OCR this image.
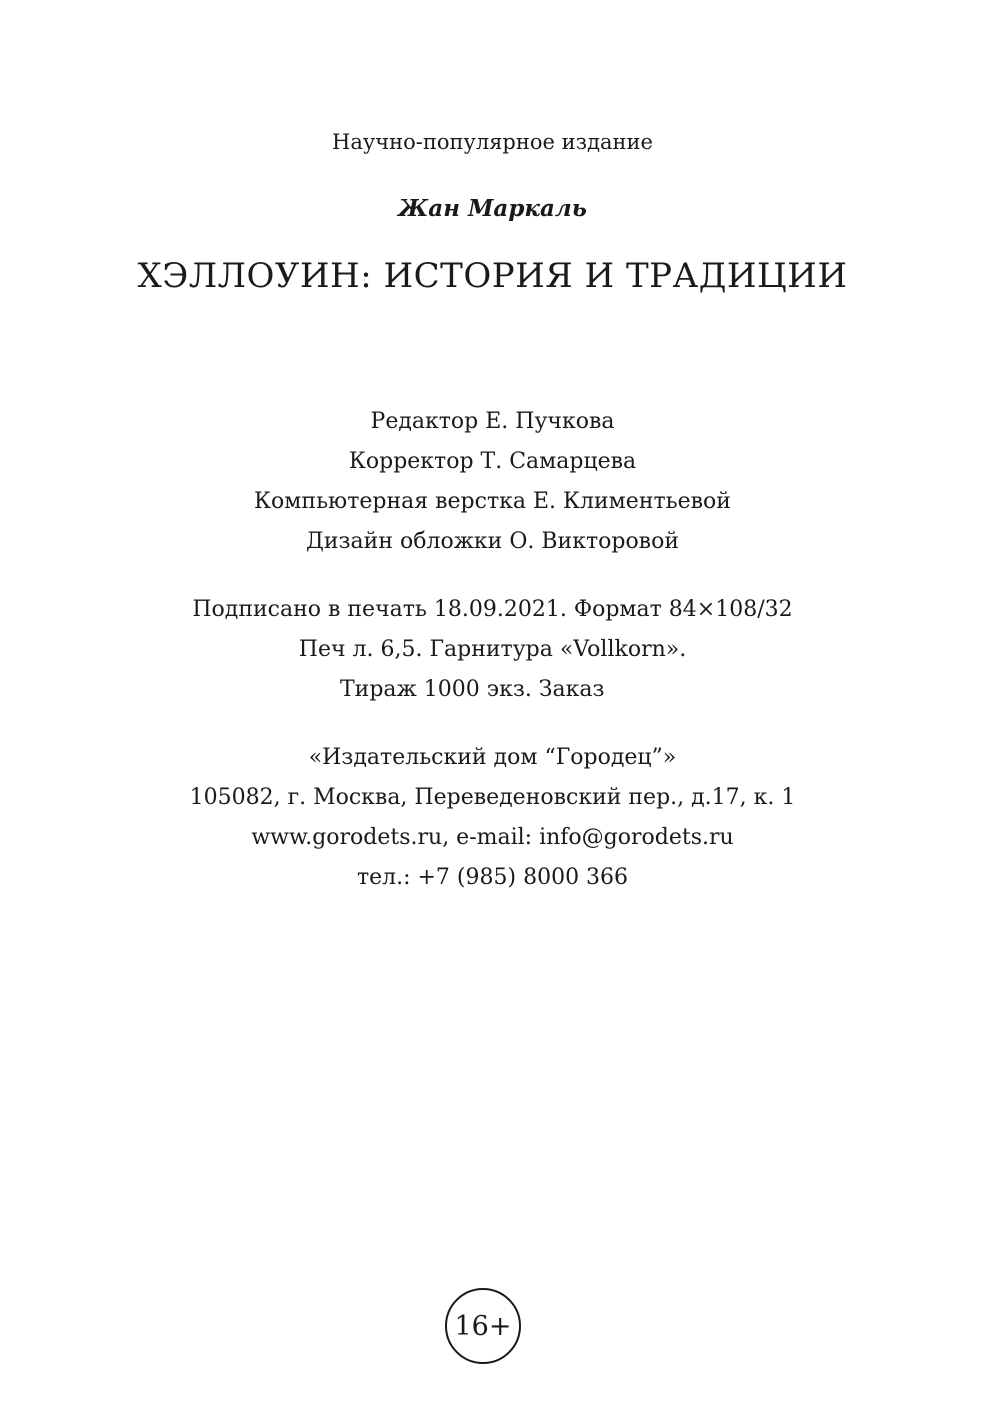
Научно-популярное издание
Жан Маркаль
ХЭЛЛОУИН: ИСТОРИЯ И ТРАДИЦИИ
Редактор Е. Пучкова
Корректор Т. Самарцева
Компьютерная верстка Е. Климентьевой
Дизайн обложки О. Викторовой
Подписано в печать 18.09.2021. Формат 84×108/32
Печ л. 6,5. Гарнитура «Vollkorn».
Тираж 1000 экз. Заказ
«Издательский дом “Городец”»
105082, г. Москва, Переведеновский пер., д.17, к. 1
www.gorodets.ru, e-mail: info@gorodets.ru
тел.: +7 (985) 8000 366
16+
